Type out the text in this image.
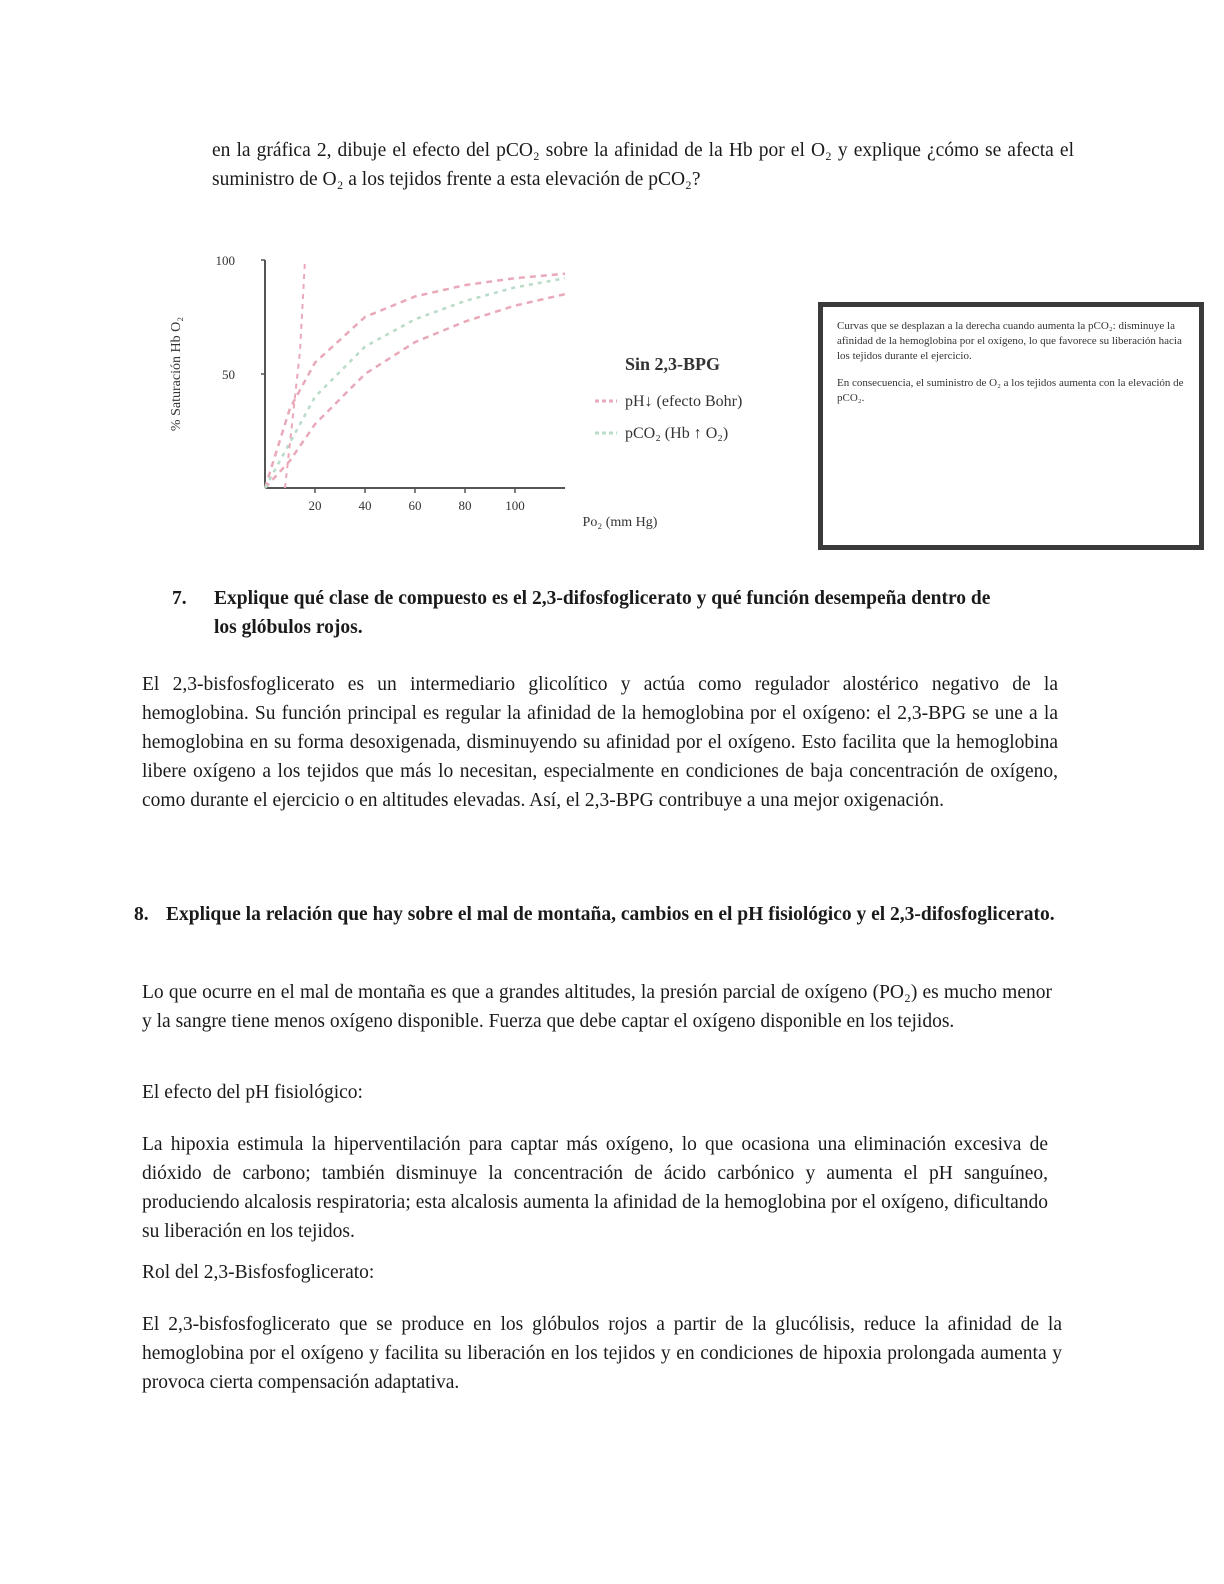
en la gráfica 2, dibuje el efecto del pCO₂ sobre la afinidad de la Hb por el O₂ y explique ¿cómo se afecta el suministro de O₂ a los tejidos frente a esta elevación de pCO₂?
100
50
20	40	60	80	100
% Saturación Hb O₂
Po₂ (mm Hg)
Sin 2,3-BPG
pH↓ (efecto Bohr)
pCO₂ (Hb ↑ O₂)

Curvas que se desplazan a la derecha cuando aumenta la pCO₂: disminuye la afinidad de la hemoglobina por el oxígeno, lo que favorece su liberación hacia los tejidos durante el ejercicio.

En consecuencia, el suministro de O₂ a los tejidos aumenta con la elevación de pCO₂.

7. Explique qué clase de compuesto es el 2,3-difosfoglicerato y qué función desempeña dentro de los glóbulos rojos.
El 2,3-bisfosfoglicerato es un intermediario glicolítico y actúa como regulador alostérico negativo de la hemoglobina. Su función principal es regular la afinidad de la hemoglobina por el oxígeno: el 2,3-BPG se une a la hemoglobina en su forma desoxigenada, disminuyendo su afinidad por el oxígeno. Esto facilita que la hemoglobina libere oxígeno a los tejidos que más lo necesitan, especialmente en condiciones de baja concentración de oxígeno, como durante el ejercicio o en altitudes elevadas. Así, el 2,3-BPG contribuye a una mejor oxigenación.
8. Explique la relación que hay sobre el mal de montaña, cambios en el pH fisiológico y el 2,3-difosfoglicerato.
Lo que ocurre en el mal de montaña es que a grandes altitudes, la presión parcial de oxígeno (PO₂) es mucho menor y la sangre tiene menos oxígeno disponible. Fuerza que debe captar el oxígeno disponible en los tejidos.
El efecto del pH fisiológico:
La hipoxia estimula la hiperventilación para captar más oxígeno, lo que ocasiona una eliminación excesiva de dióxido de carbono; también disminuye la concentración de ácido carbónico y aumenta el pH sanguíneo, produciendo alcalosis respiratoria; esta alcalosis aumenta la afinidad de la hemoglobina por el oxígeno, dificultando su liberación en los tejidos.
Rol del 2,3-Bisfosfoglicerato:
El 2,3-bisfosfoglicerato que se produce en los glóbulos rojos a partir de la glucólisis, reduce la afinidad de la hemoglobina por el oxígeno y facilita su liberación en los tejidos y en condiciones de hipoxia prolongada aumenta y provoca cierta compensación adaptativa.
